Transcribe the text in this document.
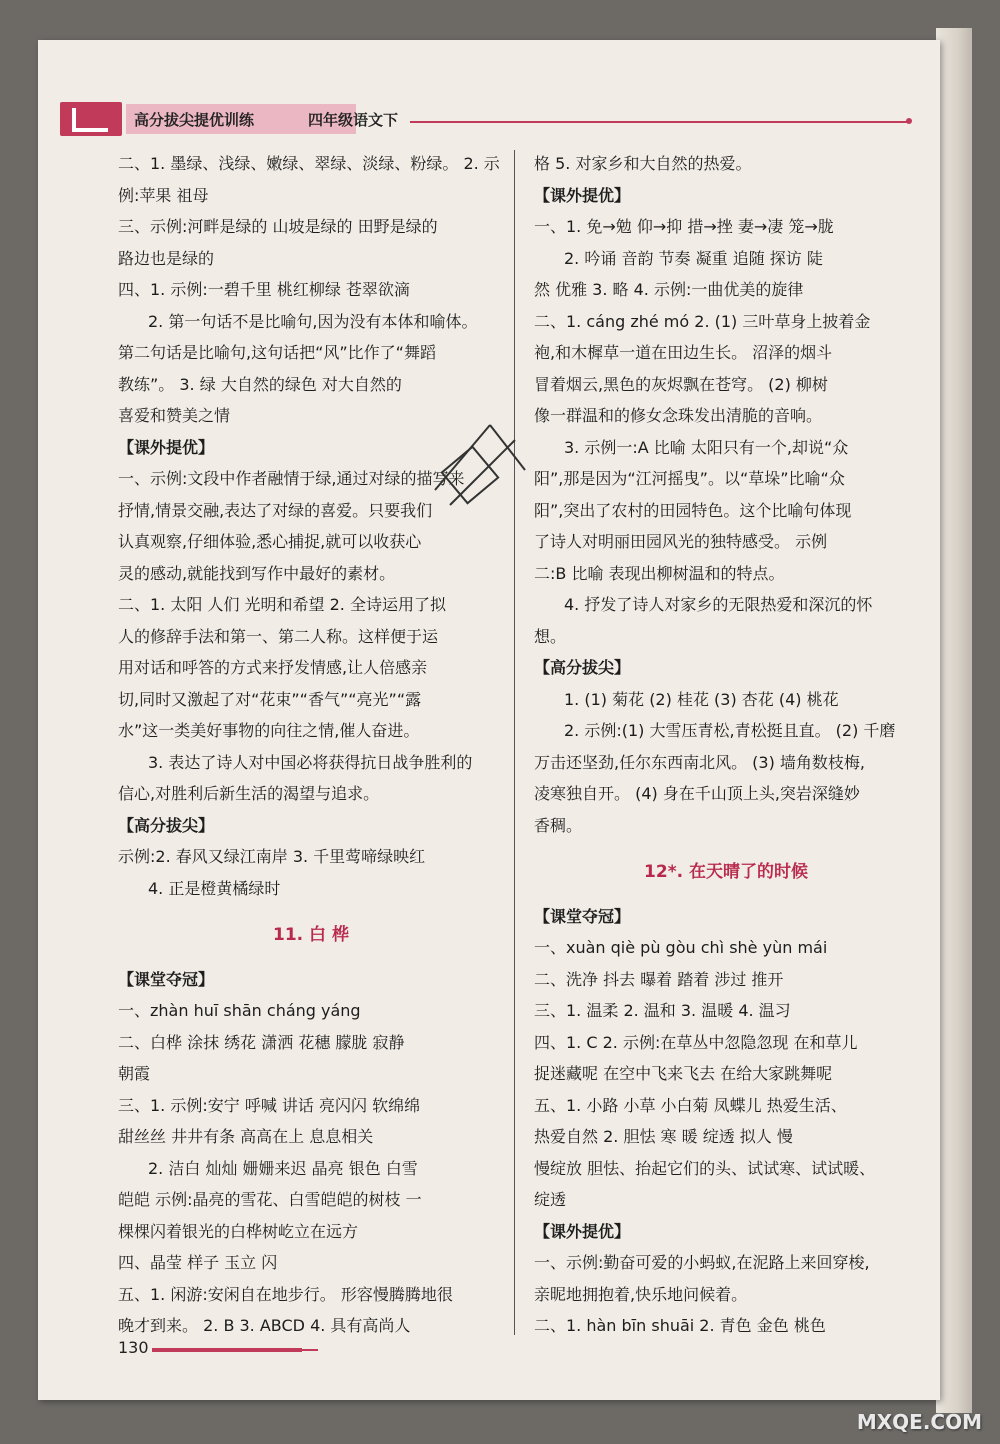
高分拔尖提优训练	四年级语文下
二、1. 墨绿、浅绿、嫩绿、翠绿、淡绿、粉绿。 2. 示
例:苹果 祖母
三、示例:河畔是绿的 山坡是绿的 田野是绿的
路边也是绿的
四、1. 示例:一碧千里 桃红柳绿 苍翠欲滴
2. 第一句话不是比喻句,因为没有本体和喻体。
第二句话是比喻句,这句话把“风”比作了“舞蹈
教练”。 3. 绿 大自然的绿色 对大自然的
喜爱和赞美之情
【课外提优】
一、示例:文段中作者融情于绿,通过对绿的描写来
抒情,情景交融,表达了对绿的喜爱。只要我们
认真观察,仔细体验,悉心捕捉,就可以收获心
灵的感动,就能找到写作中最好的素材。
二、1. 太阳 人们 光明和希望 2. 全诗运用了拟
人的修辞手法和第一、第二人称。这样便于运
用对话和呼答的方式来抒发情感,让人倍感亲
切,同时又激起了对“花束”“香气”“亮光”“露
水”这一类美好事物的向往之情,催人奋进。
3. 表达了诗人对中国必将获得抗日战争胜利的
信心,对胜利后新生活的渴望与追求。
【高分拔尖】
示例:2. 春风又绿江南岸 3. 千里莺啼绿映红
4. 正是橙黄橘绿时
11. 白 桦
【课堂夺冠】
一、zhàn huī shān cháng yáng
二、白桦 涂抹 绣花 潇洒 花穗 朦胧 寂静
朝霞
三、1. 示例:安宁 呼喊 讲话 亮闪闪 软绵绵
甜丝丝 井井有条 高高在上 息息相关
2. 洁白 灿灿 姗姗来迟 晶亮 银色 白雪
皑皑 示例:晶亮的雪花、白雪皑皑的树枝 一
棵棵闪着银光的白桦树屹立在远方
四、晶莹 样子 玉立 闪
五、1. 闲游:安闲自在地步行。 形容慢腾腾地很
晚才到来。 2. B 3. ABCD 4. 具有高尚人
格 5. 对家乡和大自然的热爱。
【课外提优】
一、1. 免→勉 仰→抑 措→挫 妻→凄 笼→胧
2. 吟诵 音韵 节奏 凝重 追随 探访 陡
然 优雅 3. 略 4. 示例:一曲优美的旋律
二、1. cáng zhé mó 2. (1) 三叶草身上披着金
袍,和木樨草一道在田边生长。 沼泽的烟斗
冒着烟云,黑色的灰烬飘在苍穹。 (2) 柳树
像一群温和的修女念珠发出清脆的音响。
3. 示例一:A 比喻 太阳只有一个,却说“众
阳”,那是因为“江河摇曳”。以“草垛”比喻“众
阳”,突出了农村的田园特色。这个比喻句体现
了诗人对明丽田园风光的独特感受。 示例
二:B 比喻 表现出柳树温和的特点。
4. 抒发了诗人对家乡的无限热爱和深沉的怀
想。
【高分拔尖】
1. (1) 菊花 (2) 桂花 (3) 杏花 (4) 桃花
2. 示例:(1) 大雪压青松,青松挺且直。 (2) 千磨
万击还坚劲,任尔东西南北风。 (3) 墙角数枝梅,
凌寒独自开。 (4) 身在千山顶上头,突岩深缝妙
香稠。
12*. 在天晴了的时候
【课堂夺冠】
一、xuàn qiè pù gòu chì shè yùn mái
二、洗净 抖去 曝着 踏着 涉过 推开
三、1. 温柔 2. 温和 3. 温暖 4. 温习
四、1. C 2. 示例:在草丛中忽隐忽现 在和草儿
捉迷藏呢 在空中飞来飞去 在给大家跳舞呢
五、1. 小路 小草 小白菊 凤蝶儿 热爱生活、
热爱自然 2. 胆怯 寒 暖 绽透 拟人 慢
慢绽放 胆怯、抬起它们的头、试试寒、试试暖、
绽透
【课外提优】
一、示例:勤奋可爱的小蚂蚁,在泥路上来回穿梭,
亲昵地拥抱着,快乐地问候着。
二、1. hàn bīn shuāi 2. 青色 金色 桃色
130
MXQE.COM
